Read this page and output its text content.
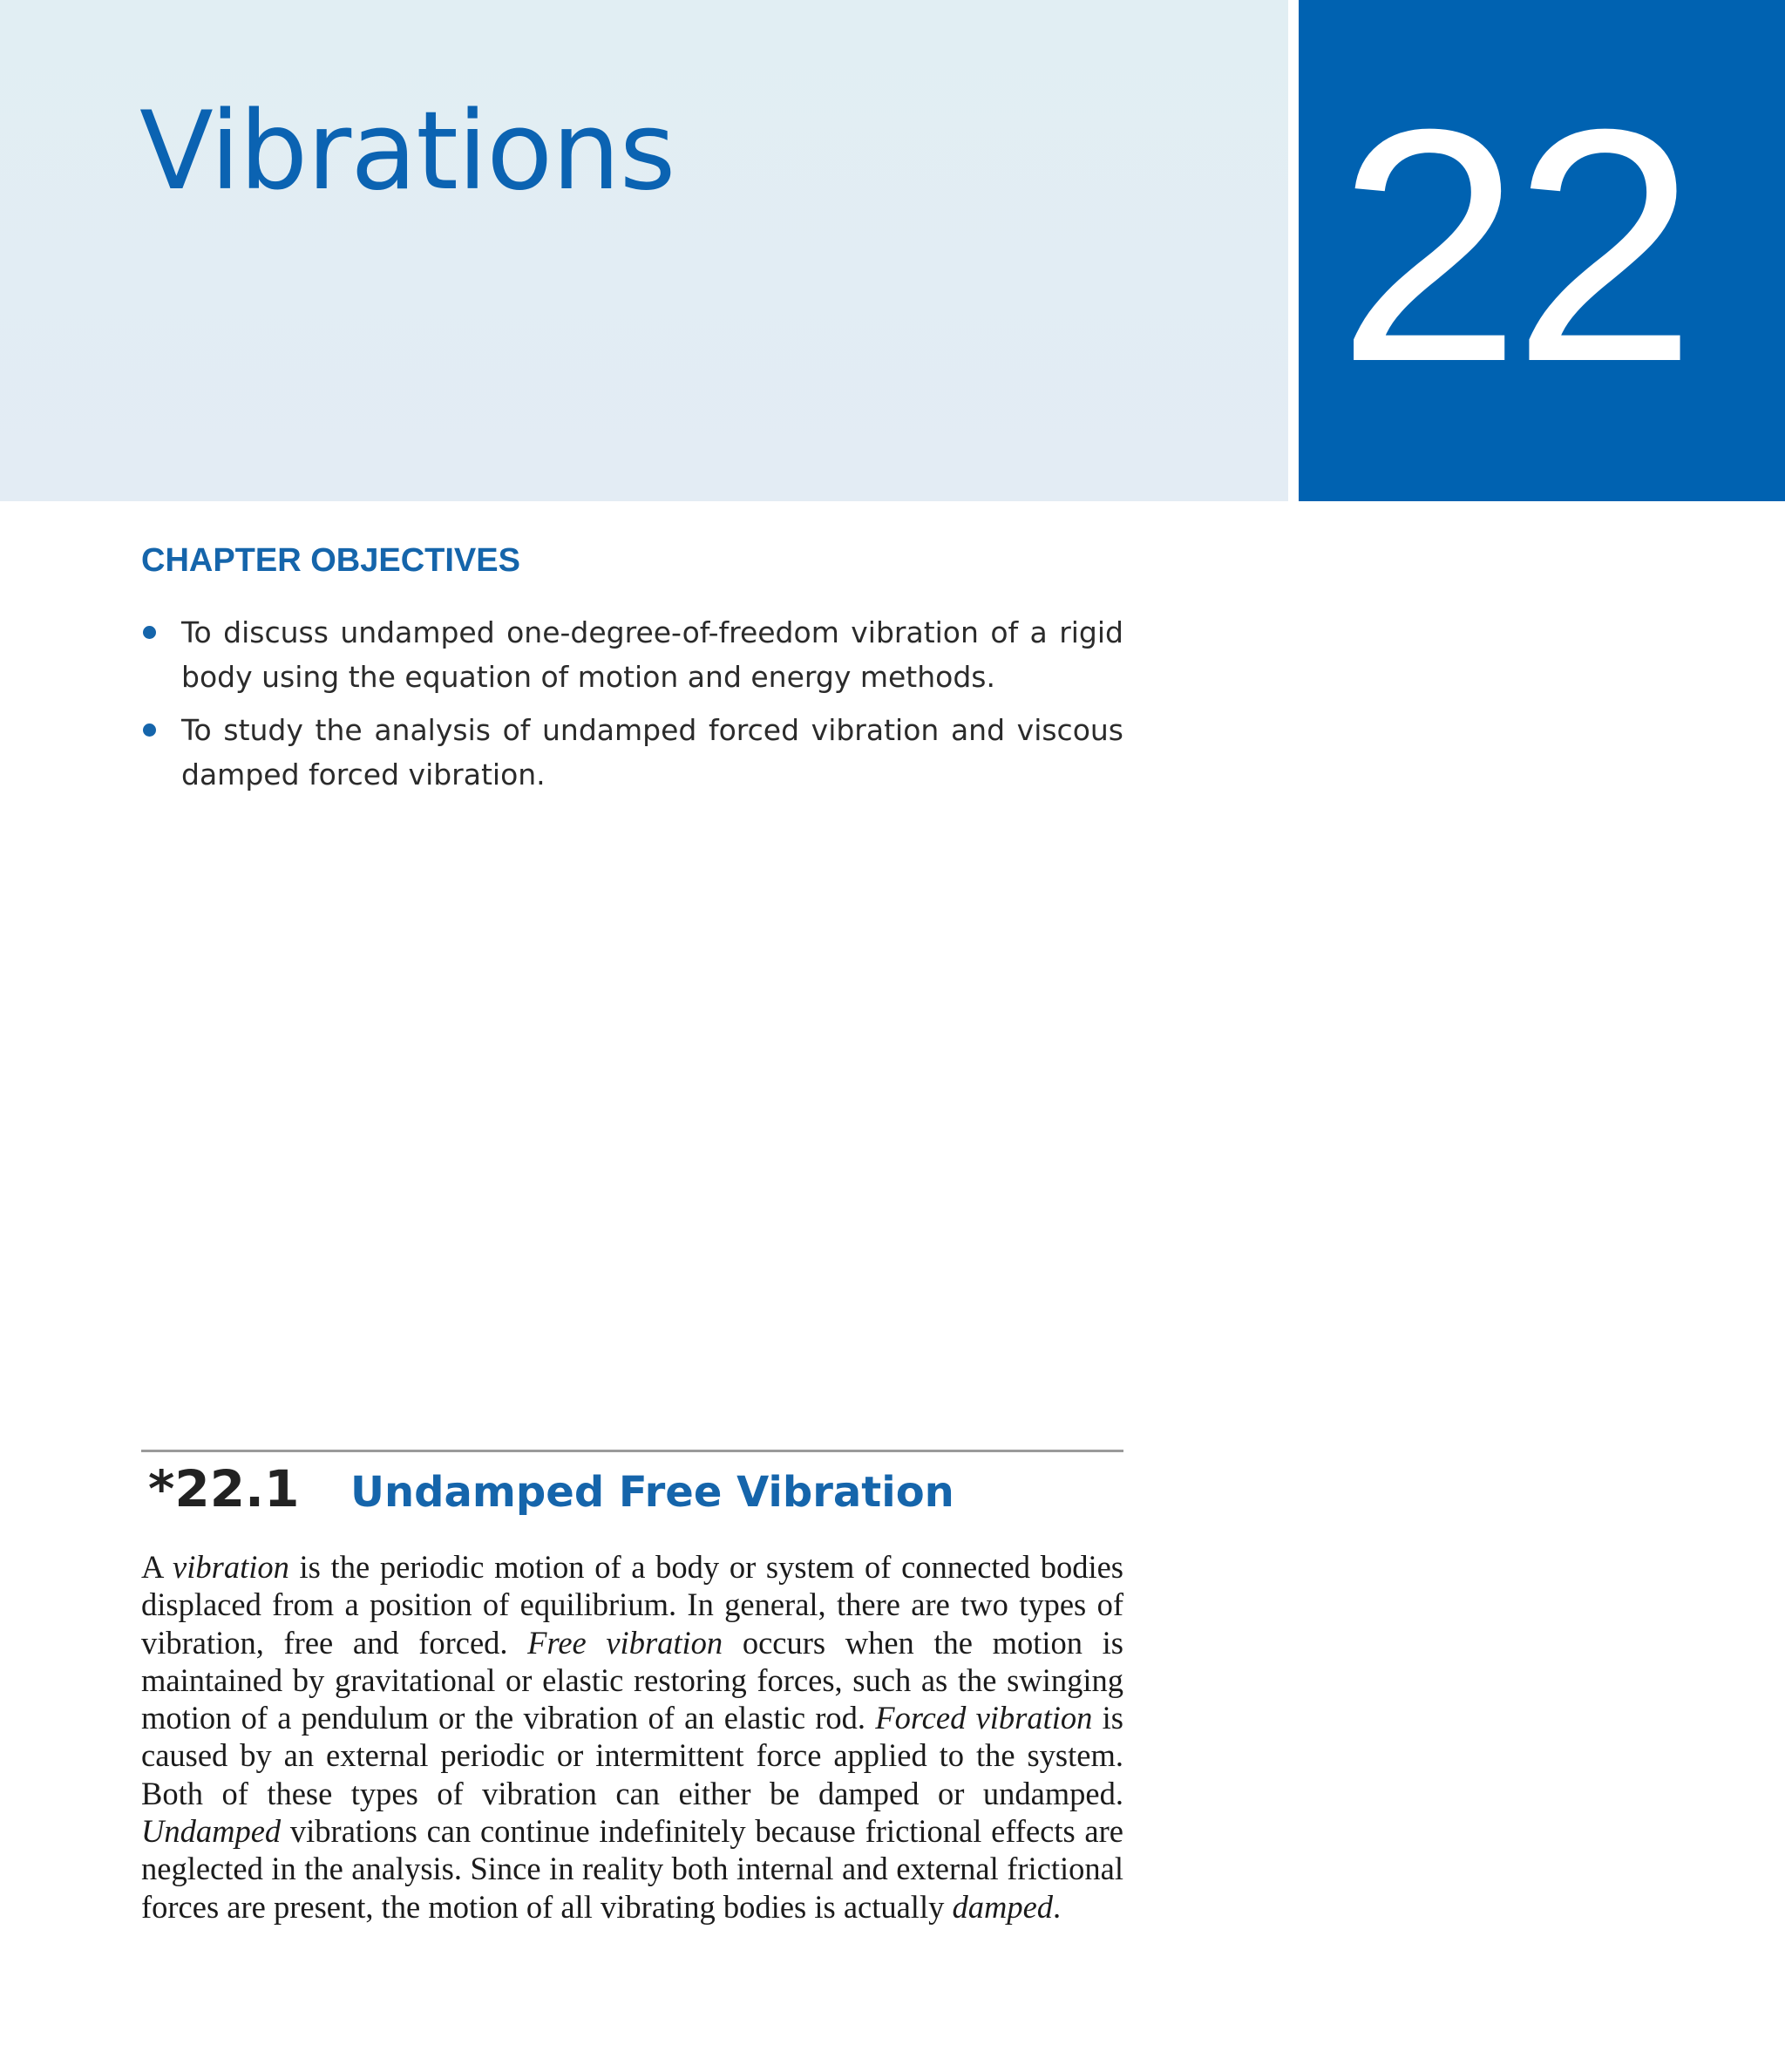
Vibrations 22
CHAPTER OBJECTIVES
To discuss undamped one-degree-of-freedom vibration of a rigid body using the equation of motion and energy methods.
To study the analysis of undamped forced vibration and viscous damped forced vibration.
*22.1 Undamped Free Vibration

A vibration is the periodic motion of a body or system of connected bodies displaced from a position of equilibrium. In general, there are two types of vibration, free and forced. Free vibration occurs when the motion is maintained by gravitational or elastic restoring forces, such as the swinging motion of a pendulum or the vibration of an elastic rod. Forced vibration is caused by an external periodic or intermittent force applied to the system. Both of these types of vibration can either be damped or undamped. Undamped vibrations can continue indefinitely because frictional effects are neglected in the analysis. Since in reality both internal and external frictional forces are present, the motion of all vibrating bodies is actually damped.
